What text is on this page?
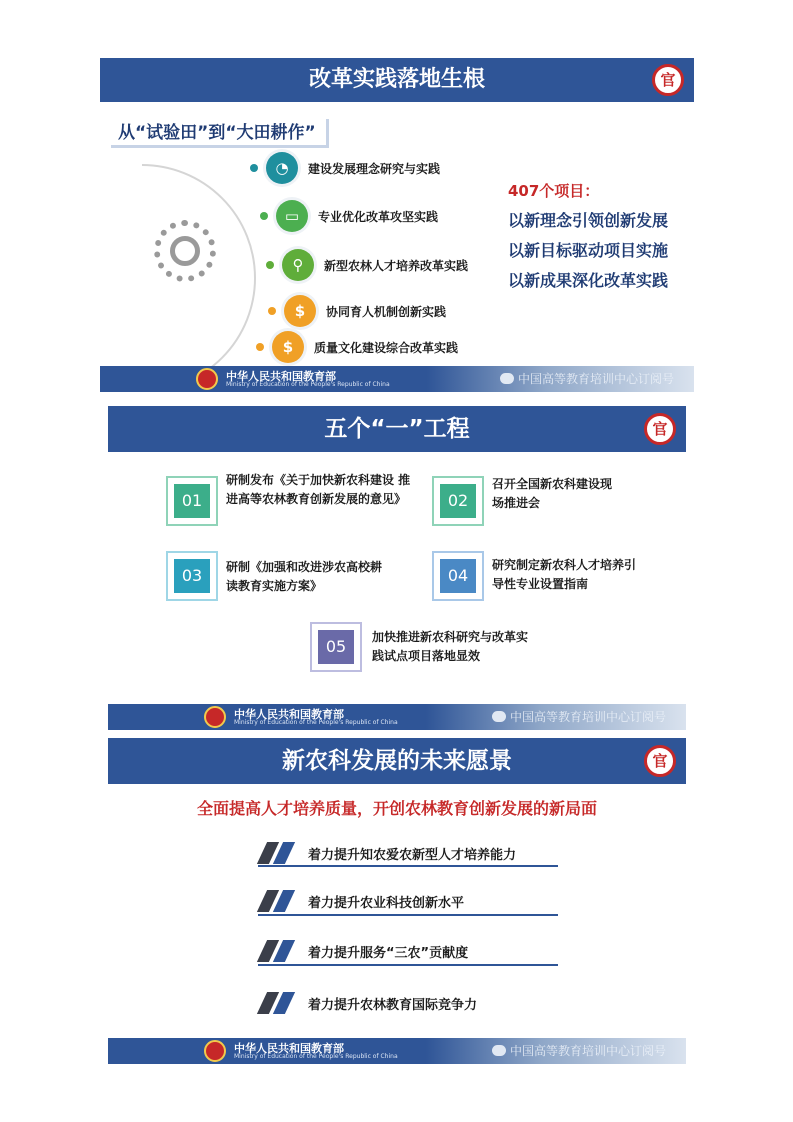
改革实践落地生根	官
从“试验田”到“大田耕作”
◔	建设发展理念研究与实践
▭	专业优化改革攻坚实践
⚲	新型农林人才培养改革实践
$	协同育人机制创新实践
$	质量文化建设综合改革实践
407个项目：
以新理念引领创新发展
以新目标驱动项目实施
以新成果深化改革实践
中华人民共和国教育部
Ministry of Education of the People's Republic of China	中国高等教育培训中心订阅号
五个“一”工程	官
01
研制发布《关于加快新农科建设 推进高等农林教育创新发展的意见》	02
召开全国新农科建设现场推进会
03	研制《加强和改进涉农高校耕读教育实施方案》
04
研究制定新农科人才培养引导性专业设置指南
05	加快推进新农科研究与改革实践试点项目落地显效
中华人民共和国教育部
Ministry of Education of the People's Republic of China	中国高等教育培训中心订阅号
新农科发展的未来愿景	官
全面提高人才培养质量，开创农林教育创新发展的新局面
着力提升知农爱农新型人才培养能力
着力提升农业科技创新水平
着力提升服务“三农”贡献度
着力提升农林教育国际竞争力
中华人民共和国教育部
Ministry of Education of the People's Republic of China	中国高等教育培训中心订阅号
